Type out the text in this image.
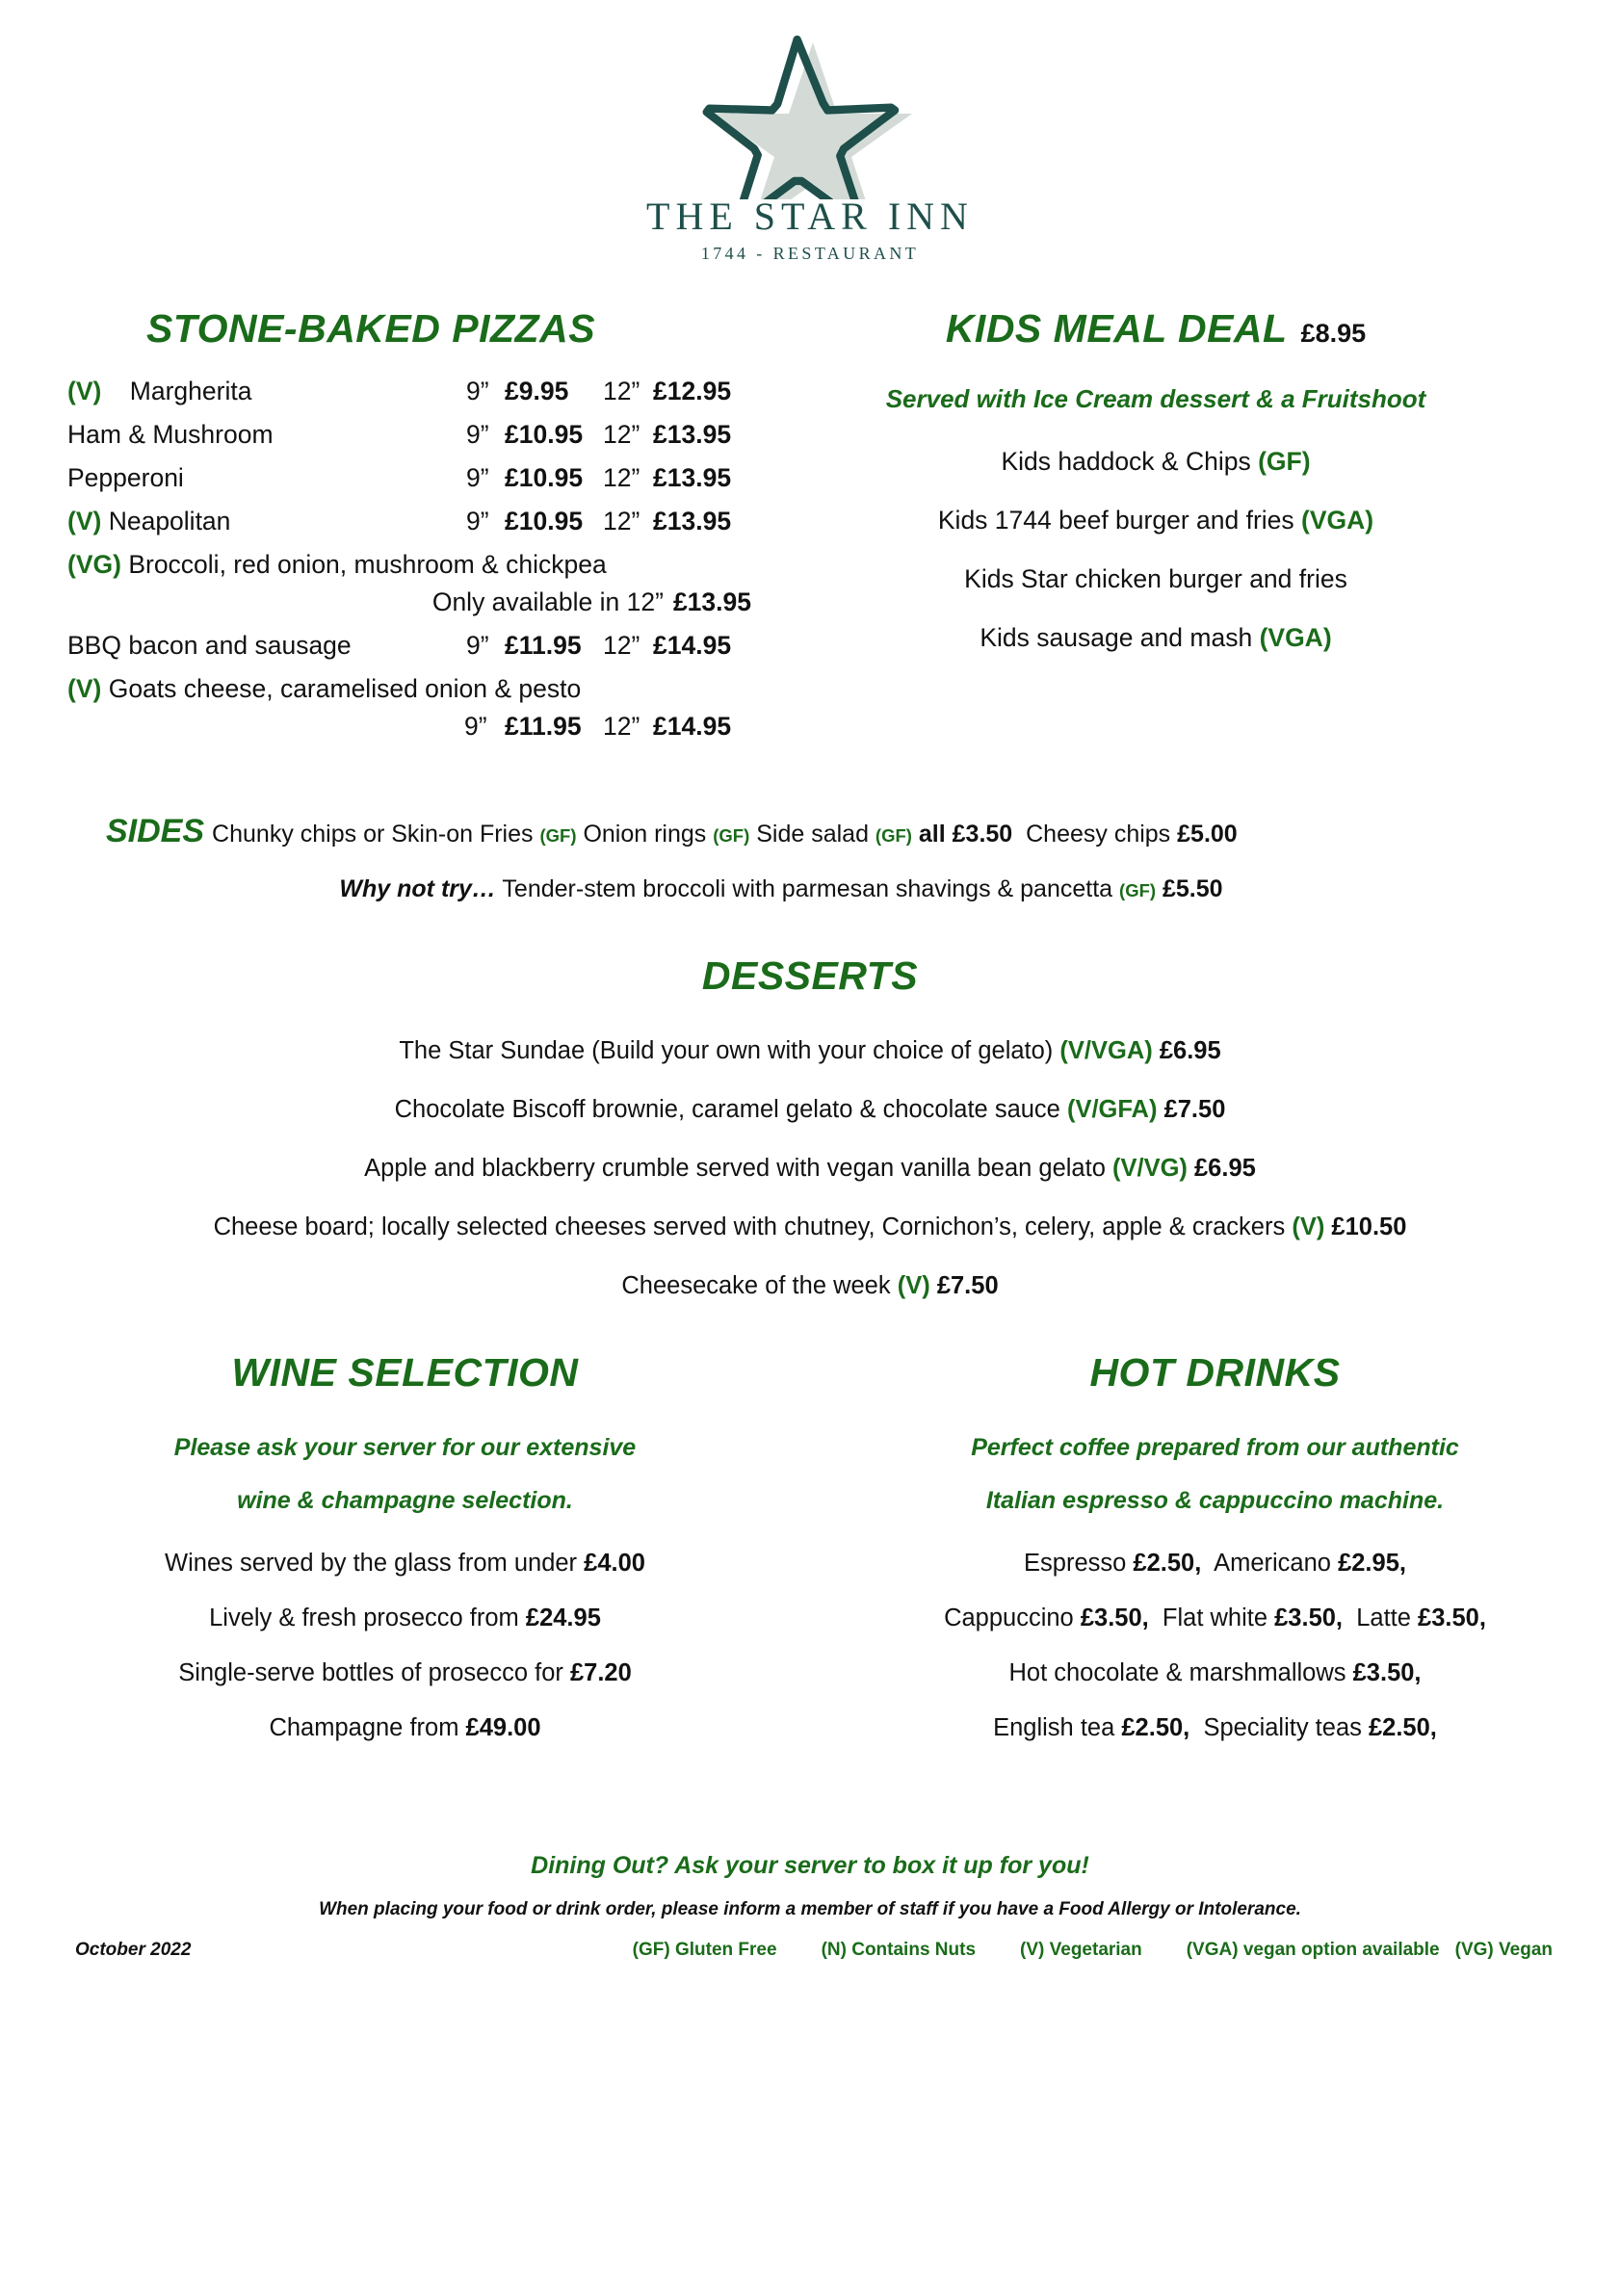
THE STAR INN
1744 - RESTAURANT
STONE-BAKED PIZZAS
(V) Margherita	9” £9.95	12” £12.95
Ham & Mushroom	9” £10.95 12” £13.95
Pepperoni	9” £10.95 12” £13.95
(V) Neapolitan	9” £10.95 12” £13.95
(VG) Broccoli, red onion, mushroom & chickpea
Only available in 12” £13.95
BBQ bacon and sausage	9” £11.95 12” £14.95
(V) Goats cheese, caramelised onion & pesto
9” £11.95 12” £14.95
KIDS MEAL DEAL £8.95
Served with Ice Cream dessert & a Fruitshoot
Kids haddock & Chips (GF)
Kids 1744 beef burger and fries (VGA)
Kids Star chicken burger and fries
Kids sausage and mash (VGA)
SIDES Chunky chips or Skin-on Fries (GF) Onion rings (GF) Side salad (GF) all £3.50 Cheesy chips £5.00
Why not try… Tender-stem broccoli with parmesan shavings & pancetta (GF) £5.50
DESSERTS
The Star Sundae (Build your own with your choice of gelato) (V/VGA) £6.95
Chocolate Biscoff brownie, caramel gelato & chocolate sauce (V/GFA) £7.50
Apple and blackberry crumble served with vegan vanilla bean gelato (V/VG) £6.95
Cheese board; locally selected cheeses served with chutney, Cornichon’s, celery, apple & crackers (V) £10.50
Cheesecake of the week (V) £7.50
WINE SELECTION
Please ask your server for our extensive
wine & champagne selection.
Wines served by the glass from under £4.00
Lively & fresh prosecco from £24.95
Single-serve bottles of prosecco for £7.20
Champagne from £49.00
HOT DRINKS
Perfect coffee prepared from our authentic
Italian espresso & cappuccino machine.
Espresso £2.50, Americano £2.95,
Cappuccino £3.50, Flat white £3.50, Latte £3.50,
Hot chocolate & marshmallows £3.50,
English tea £2.50, Speciality teas £2.50,
Dining Out? Ask your server to box it up for you!
When placing your food or drink order, please inform a member of staff if you have a Food Allergy or Intolerance.
October 2022	(GF) Gluten Free (N) Contains Nuts (V) Vegetarian (VGA) vegan option available (VG) Vegan
